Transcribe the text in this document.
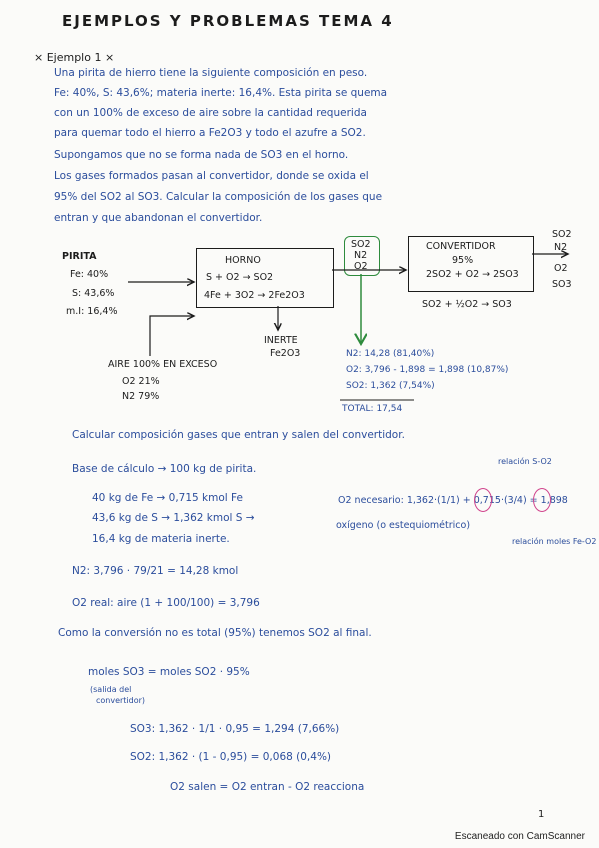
EJEMPLOS Y PROBLEMAS TEMA 4
× Ejemplo 1 ×
Una pirita de hierro tiene la siguiente composición en peso.
Fe: 40%, S: 43,6%; materia inerte: 16,4%. Esta pirita se quema
con un 100% de exceso de aire sobre la cantidad requerida
para quemar todo el hierro a Fe2O3 y todo el azufre a SO2.
Supongamos que no se forma nada de SO3 en el horno.
Los gases formados pasan al convertidor, donde se oxida el
95% del SO2 al SO3. Calcular la composición de los gases que
entran y que abandonan el convertidor.
PIRITA
Fe: 40%
S: 43,6%
m.I: 16,4%
HORNO
S + O2 → SO2
4Fe + 3O2 → 2Fe2O3
SO2
N2
O2
CONVERTIDOR
95%
2SO2 + O2 → 2SO3
SO2 + ½O2 → SO3
SO2
N2
O2
SO3
INERTE
Fe2O3
AIRE 100% EN EXCESO
O2 21%
N2 79%
N2: 14,28 (81,40%)
O2: 3,796 - 1,898 = 1,898 (10,87%)
SO2: 1,362 (7,54%)
TOTAL: 17,54
Calcular composición gases que entran y salen del convertidor.
Base de cálculo → 100 kg de pirita.
40 kg de Fe → 0,715 kmol Fe
43,6 kg de S → 1,362 kmol S →
16,4 kg de materia inerte.
O2 necesario: 1,362·(1/1) + 0,715·(3/4) = 1,898
oxígeno (o estequiométrico)
relación S-O2
relación moles Fe-O2
N2: 3,796 · 79/21 = 14,28 kmol
O2 real: aire (1 + 100/100) = 3,796
Como la conversión no es total (95%) tenemos SO2 al final.
moles SO3 = moles SO2 · 95%
(salida del
convertidor)
SO3: 1,362 · 1/1 · 0,95 = 1,294 (7,66%)
SO2: 1,362 · (1 - 0,95) = 0,068 (0,4%)
O2 salen = O2 entran - O2 reacciona
1
Escaneado con CamScanner
